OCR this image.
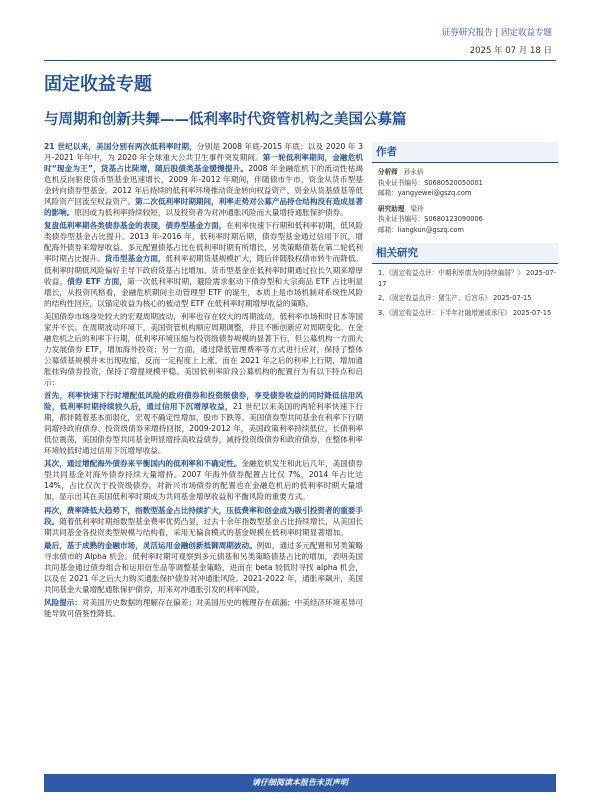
证券研究报告 | 固定收益专题
2025 年 07 月 18 日
固定收益专题
与周期和创新共舞——低利率时代资管机构之美国公募篇

21 世纪以来，美国分别有两次低利率时期，分别是 2008 年底-2015 年底；以及 2020 年 3 月-2021 年年中，为 2020 年全球重大公共卫生事件突发期间。第一轮低利率期间，金融危机时“现金为王”，货基占比陡增，随后股债类基金缓慢提升。2008 年金融危机下的流动性枯竭危机反向驱使货币型基金迅速增长，2009 年-2012 年期间，伴随债市牛市，资金从货币型基金转向债券型基金。2012 年后持续的低利率环境推动资金转向权益资产，资金从货基债基等低风险资产回流至权益资产。第二次低利率时期期间，利率走势对公募产品持仓结构没有造成显著的影响。原因或为低利率持续较短，以及投资者为对冲通胀风险而大量增持通胀保护债券。

复盘低利率期各类债券基金的表现，债券型基金方面，在利率快速下行期和低利率初期，低风险类债券型基金占比提升。2013 年-2016 年，低利率时期后期，债券型基金通过信用下沉，增配海外债券来增厚收益。多元配置债基占比在低利率时期有所增长，另类策略债基在第二轮低利率时期占比提升。货币型基金方面，低利率初期货基规模扩大，随后伴随股权债市转牛而降低。低利率时期低风险偏好主导下政府货基占比增加。货币型基金在低利率时期通过拉长久期来增厚收益。债券 ETF 方面，第一次低利率时期，避险需求驱动下债券型和大宗商品 ETF 占比明显增长，从投资风格看，金融危机期间主动管理型 ETF 的诞生，本质上是市场机制对系统性风险的结构性回应，以锚定收益为核心的被动型 ETF 在低利率时期增厚收益的策略。

美国债券市场身处较大的宏观周期波动，利率也存在较大的周期波动，低利率市场和时日本等国家并不长。在周期波动环境下，美国资管机构顺应周期调整，并且不断创新应对周期变化。在金融危机之后的利率下行期，低利率环境压缩与投资级债券规模的显著下行，但公募机构一方面大力发展债券 ETF，增加海外投资；另一方面，通过降低管理费率等方式进行应对，保持了整体公募债基规模并未出现收缩，反而一定程度上上涨。而在 2021 年之后的利率上行期，增加通胀挂钩债券投资，保持了增提规模平稳。美国低利率阶段公募机构的配置行为有以下特点和启示：

首先，利率快速下行时增配低风险的政府债券和投资级债券，享受债券收益的同时降低信用风险，低利率时期持续较久后，通过信用下沉增厚收益，21 世纪以来美国的两轮利率快速下行期，都伴随着基本面弱化，宏观不确定性增加，股市下跌等。美国债券型共同基金在利率下行期间增持政府债券、投资级债券来增持回报，2009-2012 年，美国政策利率持续低位，长债利率低位震荡，美国债券型共同基金明显增持高收益债券，减持投资级债券和政府债券，在整体利率环境较低时通过信用下沉增厚收益。

其次，通过增配海外债券来平衡国内的低利率和不确定性。金融危机发生和此后几年，美国债券型共同基金对海外债券持续大量增持。2007 年海外债券配置占比仅 7%，2014 年占比达 14%，占比仅次于投资级债券，对新兴市场债券的配置也在金融危机后的低利率时期大量增加，显示出其在美国低利率时期成为共同基金增厚收益和平衡风险的重要方式。

再次，费率降低大趋势下，指数型基金占比持续扩大，压低费率和创金成为吸引投资者的重要手段。随着低利率时期指数型基金费率优势凸显，过去十余年指数型基金占比持续增长，从美国长期共同基金各投资类型规模与结构看，采用无偏食模式的基金规模在低利率时期显著增加。

最后，基于成熟的金融市场，灵活运用金融创新抵御周期波动。例如，通过多元配置和另类策略寻求债市的 Alpha 机会。低利率时期可观察到多元债基和另类策略债基占比的增加，表明美国共同基金通过债券组合和运用衍生品等调整基金策略，进而在 beta 较低时寻找 alpha 机会，以及在 2021 年之后大力购买通胀保护债券对冲通胀风险。2021-2022 年，通胀率飙升，美国共同基金大量增配通胀保护债券，用来对冲通胀引发的利率风险。

风险提示：对美国历史数据的理解存在偏差；对美国历史的梳理存在疏漏；中美经济环境差异可能导致可借鉴性降低。

作者
分析师 孙永倍
执业证书编号：S0680520050001
邮箱：yangyewei@gszq.com
研究助理 梁玲
执业证书编号：S0680123090006
邮箱：liangkun@gszq.com
相关研究
1、《固定收益点评：中期利率债为何持续偏弱？》 2025-07-17
2、《固定收益点评：猪生产、后宫乐》 2025-07-15
3、《固定收益点评：下半年社融增速或承压》 2025-07-15
请仔细阅读本报告末页声明
